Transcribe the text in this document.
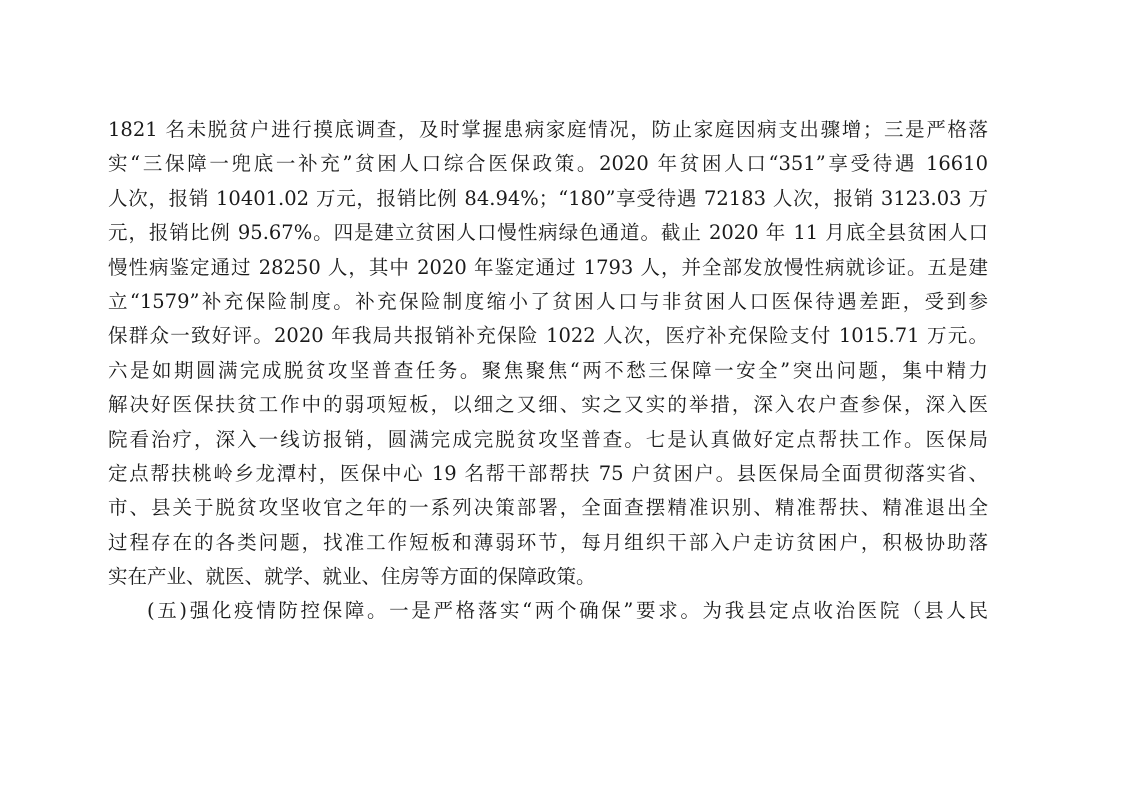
1821 名未脱贫户进行摸底调查，及时掌握患病家庭情况，防止家庭因病支出骤增；三是严格落
实“三保障一兜底一补充”贫困人口综合医保政策。2020 年贫困人口“351”享受待遇 16610
人次，报销 10401.02 万元，报销比例 84.94%；“180”享受待遇 72183 人次，报销 3123.03 万
元，报销比例 95.67%。四是建立贫困人口慢性病绿色通道。截止 2020 年 11 月底全县贫困人口
慢性病鉴定通过 28250 人，其中 2020 年鉴定通过 1793 人，并全部发放慢性病就诊证。五是建
立“1579”补充保险制度。补充保险制度缩小了贫困人口与非贫困人口医保待遇差距，受到参
保群众一致好评。2020 年我局共报销补充保险 1022 人次，医疗补充保险支付 1015.71 万元。
六是如期圆满完成脱贫攻坚普查任务。聚焦聚焦“两不愁三保障一安全”突出问题，集中精力
解决好医保扶贫工作中的弱项短板，以细之又细、实之又实的举措，深入农户查参保，深入医
院看治疗，深入一线访报销，圆满完成完脱贫攻坚普查。七是认真做好定点帮扶工作。医保局
定点帮扶桃岭乡龙潭村，医保中心 19 名帮干部帮扶 75 户贫困户。县医保局全面贯彻落实省、
市、县关于脱贫攻坚收官之年的一系列决策部署，全面查摆精准识别、精准帮扶、精准退出全
过程存在的各类问题，找准工作短板和薄弱环节，每月组织干部入户走访贫困户，积极协助落
实在产业、就医、就学、就业、住房等方面的保障政策。
(五)强化疫情防控保障。一是严格落实“两个确保”要求。为我县定点收治医院（县人民
